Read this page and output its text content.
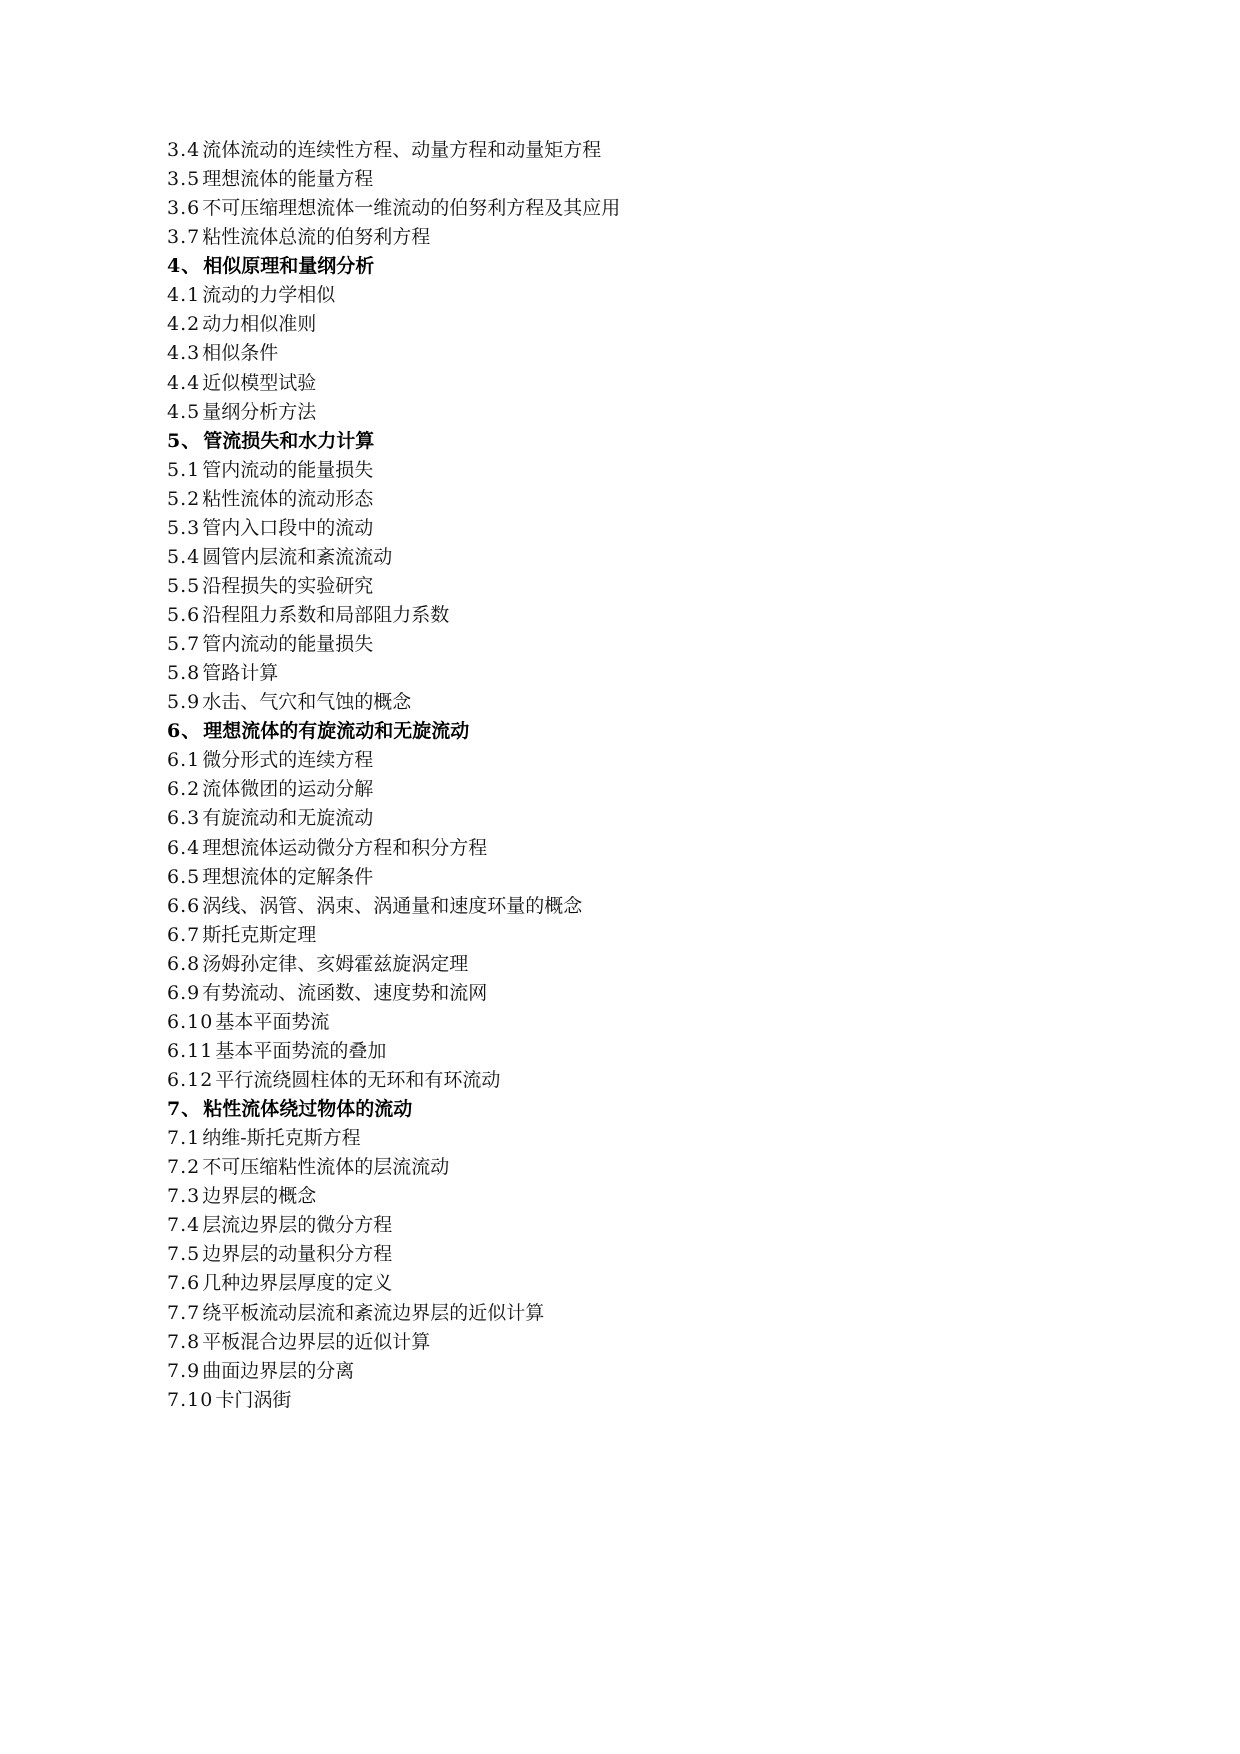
3.4 流体流动的连续性方程、动量方程和动量矩方程
3.5 理想流体的能量方程
3.6 不可压缩理想流体一维流动的伯努利方程及其应用
3.7 粘性流体总流的伯努利方程
4、 相似原理和量纲分析
4.1 流动的力学相似
4.2 动力相似准则
4.3 相似条件
4.4 近似模型试验
4.5 量纲分析方法
5、 管流损失和水力计算
5.1 管内流动的能量损失
5.2 粘性流体的流动形态
5.3 管内入口段中的流动
5.4 圆管内层流和紊流流动
5.5 沿程损失的实验研究
5.6 沿程阻力系数和局部阻力系数
5.7 管内流动的能量损失
5.8 管路计算
5.9 水击、气穴和气蚀的概念
6、 理想流体的有旋流动和无旋流动
6.1 微分形式的连续方程
6.2 流体微团的运动分解
6.3 有旋流动和无旋流动
6.4 理想流体运动微分方程和积分方程
6.5 理想流体的定解条件
6.6 涡线、涡管、涡束、涡通量和速度环量的概念
6.7 斯托克斯定理
6.8 汤姆孙定律、亥姆霍兹旋涡定理
6.9 有势流动、流函数、速度势和流网
6.10 基本平面势流
6.11 基本平面势流的叠加
6.12 平行流绕圆柱体的无环和有环流动
7、 粘性流体绕过物体的流动
7.1 纳维-斯托克斯方程
7.2 不可压缩粘性流体的层流流动
7.3 边界层的概念
7.4 层流边界层的微分方程
7.5 边界层的动量积分方程
7.6 几种边界层厚度的定义
7.7 绕平板流动层流和紊流边界层的近似计算
7.8 平板混合边界层的近似计算
7.9 曲面边界层的分离
7.10 卡门涡街
